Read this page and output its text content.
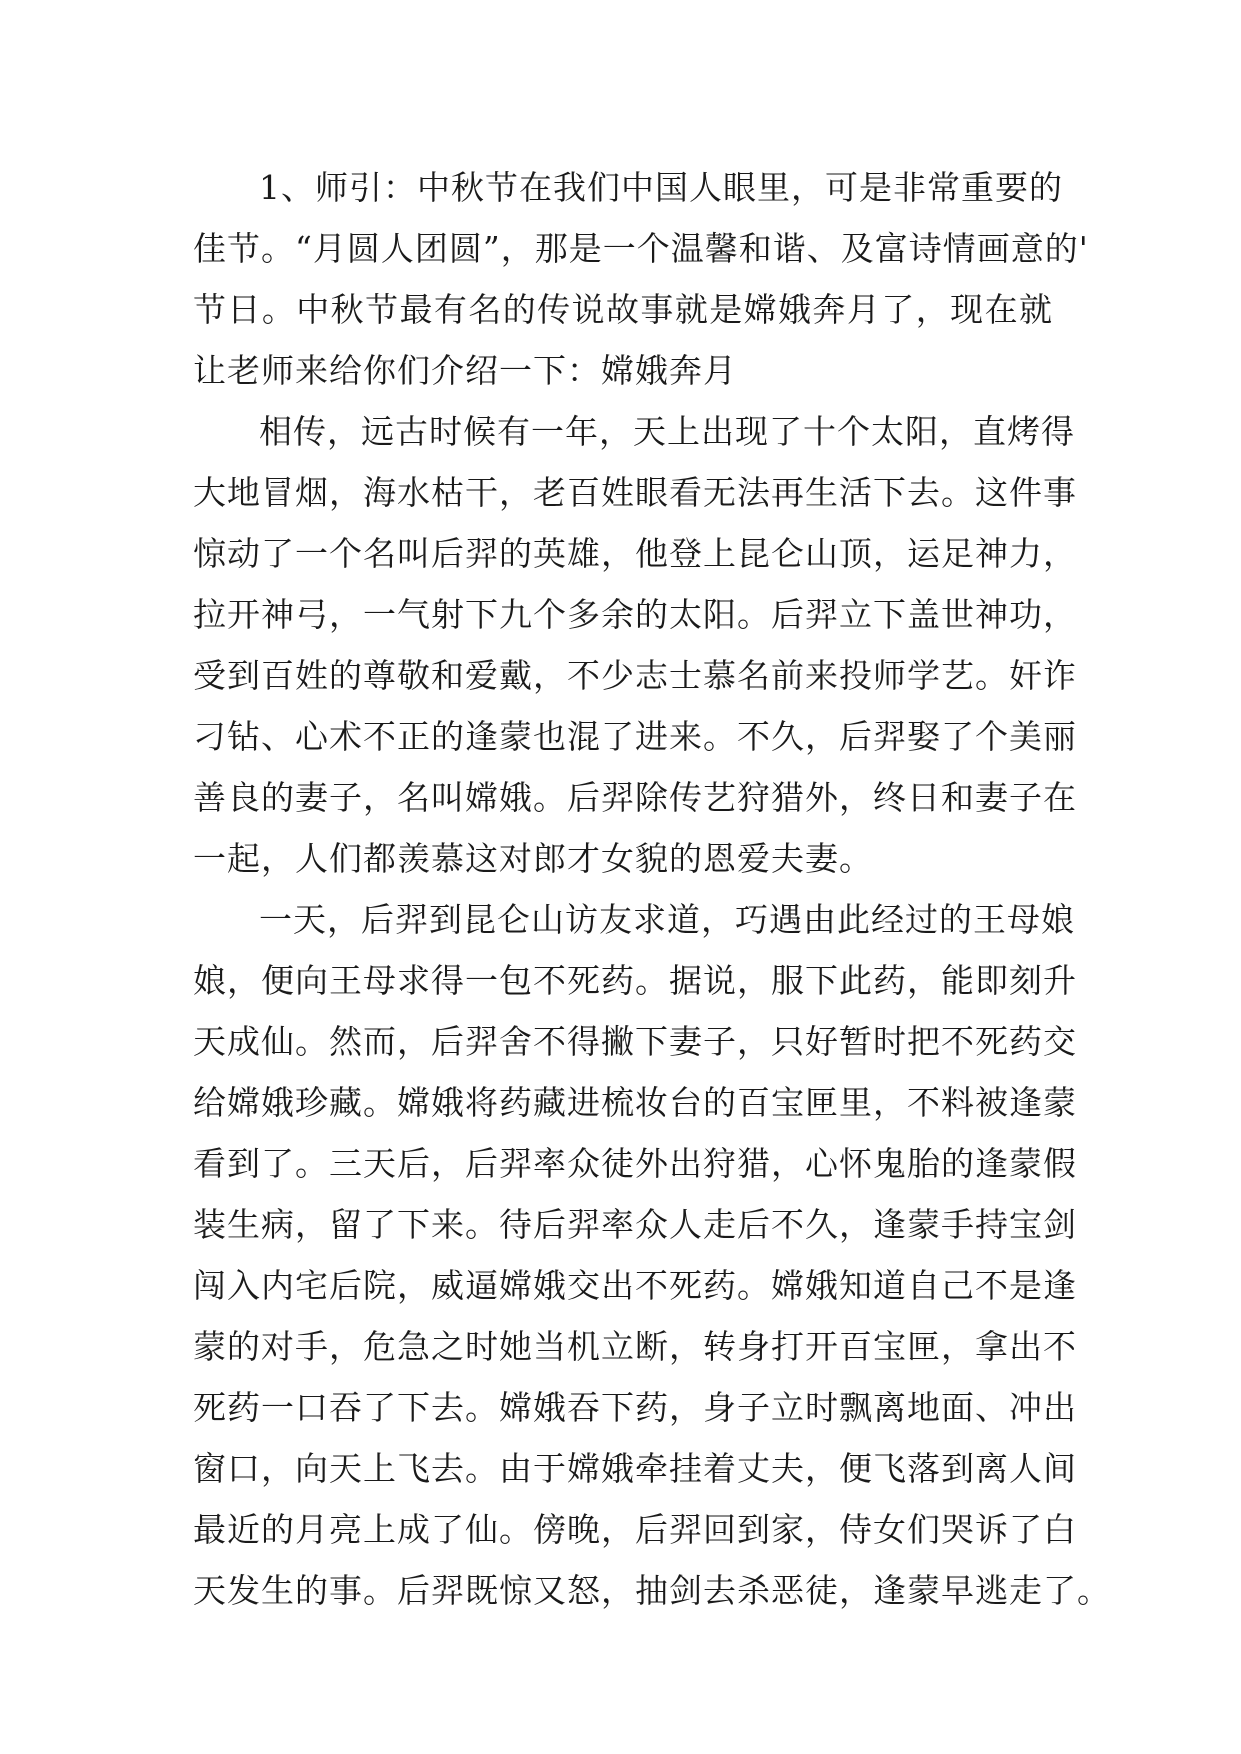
1、师引：中秋节在我们中国人眼里，可是非常重要的
佳节。“月圆人团圆”，那是一个温馨和谐、及富诗情画意的'
节日。中秋节最有名的传说故事就是嫦娥奔月了，现在就
让老师来给你们介绍一下：嫦娥奔月
相传，远古时候有一年，天上出现了十个太阳，直烤得
大地冒烟，海水枯干，老百姓眼看无法再生活下去。这件事
惊动了一个名叫后羿的英雄，他登上昆仑山顶，运足神力，
拉开神弓，一气射下九个多余的太阳。后羿立下盖世神功，
受到百姓的尊敬和爱戴，不少志士慕名前来投师学艺。奸诈
刁钻、心术不正的逢蒙也混了进来。不久，后羿娶了个美丽
善良的妻子，名叫嫦娥。后羿除传艺狩猎外，终日和妻子在
一起，人们都羡慕这对郎才女貌的恩爱夫妻。
一天，后羿到昆仑山访友求道，巧遇由此经过的王母娘
娘，便向王母求得一包不死药。据说，服下此药，能即刻升
天成仙。然而，后羿舍不得撇下妻子，只好暂时把不死药交
给嫦娥珍藏。嫦娥将药藏进梳妆台的百宝匣里，不料被逢蒙
看到了。三天后，后羿率众徒外出狩猎，心怀鬼胎的逢蒙假
装生病，留了下来。待后羿率众人走后不久，逢蒙手持宝剑
闯入内宅后院，威逼嫦娥交出不死药。嫦娥知道自己不是逢
蒙的对手，危急之时她当机立断，转身打开百宝匣，拿出不
死药一口吞了下去。嫦娥吞下药，身子立时飘离地面、冲出
窗口，向天上飞去。由于嫦娥牵挂着丈夫，便飞落到离人间
最近的月亮上成了仙。傍晚，后羿回到家，侍女们哭诉了白
天发生的事。后羿既惊又怒，抽剑去杀恶徒，逢蒙早逃走了。
